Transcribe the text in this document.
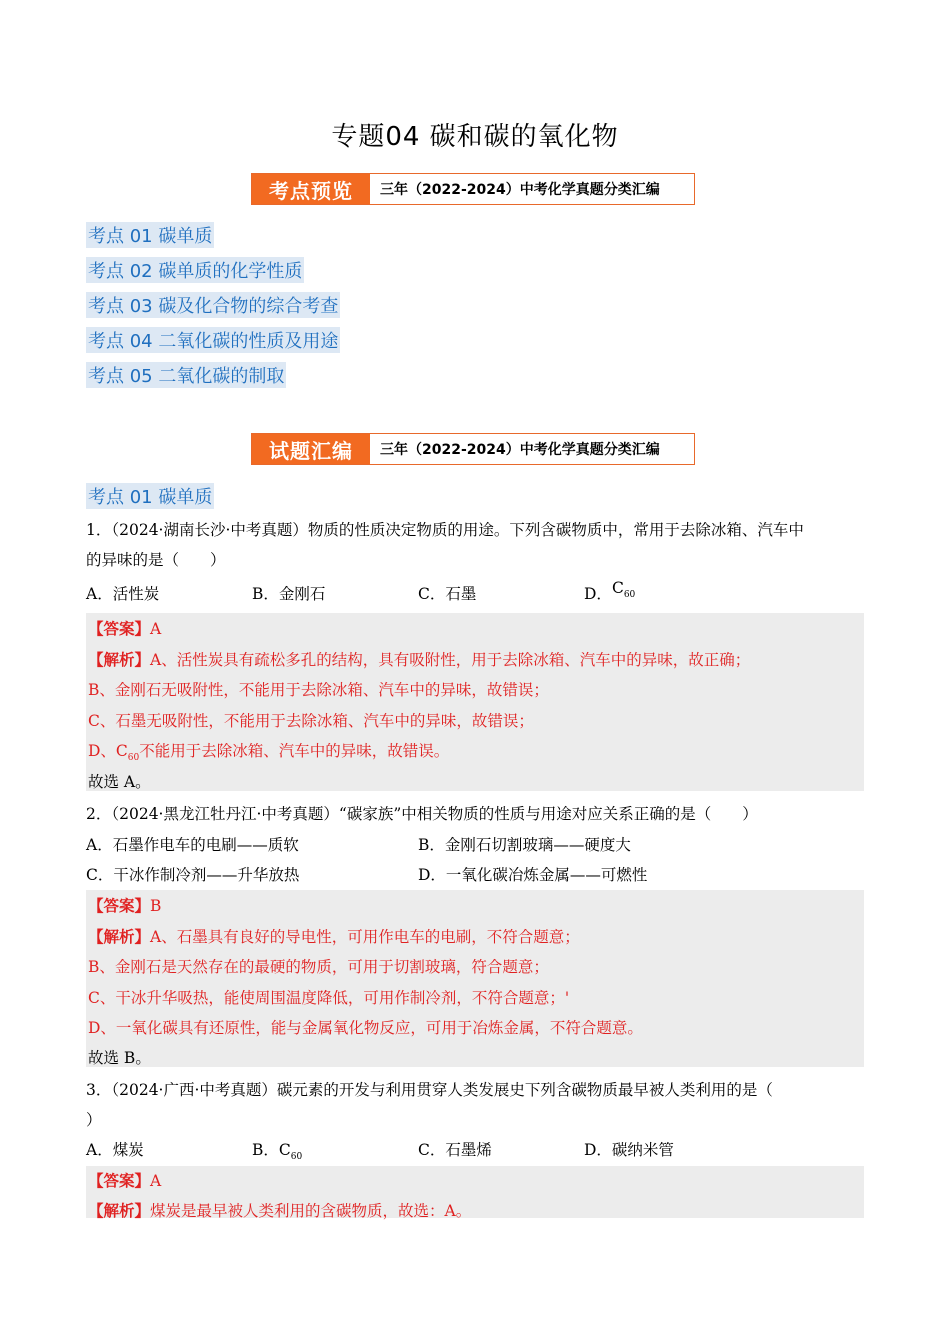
专题04 碳和碳的氧化物
考点预览	三年（2022-2024）中考化学真题分类汇编
考点 01 碳单质
考点 02 碳单质的化学性质
考点 03 碳及化合物的综合考查
考点 04 二氧化碳的性质及用途
考点 05 二氧化碳的制取
试题汇编	三年（2022-2024）中考化学真题分类汇编
考点 01 碳单质
1．（2024·湖南长沙·中考真题）物质的性质决定物质的用途。下列含碳物质中，常用于去除冰箱、汽车中
的异味的是（　　）
A．活性炭	B．金刚石	C．石墨	D．$C_{60}$
【答案】A
【解析】A、活性炭具有疏松多孔的结构，具有吸附性，用于去除冰箱、汽车中的异味，故正确；
B、金刚石无吸附性，不能用于去除冰箱、汽车中的异味，故错误；
C、石墨无吸附性，不能用于去除冰箱、汽车中的异味，故错误；
D、$C_{60}$不能用于去除冰箱、汽车中的异味，故错误。
故选 A。
2．（2024·黑龙江牡丹江·中考真题）“碳家族”中相关物质的性质与用途对应关系正确的是（　　）
A．石墨作电车的电刷——质软	B．金刚石切割玻璃——硬度大
C．干冰作制冷剂——升华放热	D．一氧化碳冶炼金属——可燃性
【答案】B
【解析】A、石墨具有良好的导电性，可用作电车的电刷，不符合题意；
B、金刚石是天然存在的最硬的物质，可用于切割玻璃，符合题意；
C、干冰升华吸热，能使周围温度降低，可用作制冷剂，不符合题意；'
D、一氧化碳具有还原性，能与金属氧化物反应，可用于冶炼金属，不符合题意。
故选 B。
3．（2024·广西·中考真题）碳元素的开发与利用贯穿人类发展史下列含碳物质最早被人类利用的是（
）
A．煤炭	B．$C_{60}$	C．石墨烯	D．碳纳米管
【答案】A
【解析】煤炭是最早被人类利用的含碳物质，故选：A。
